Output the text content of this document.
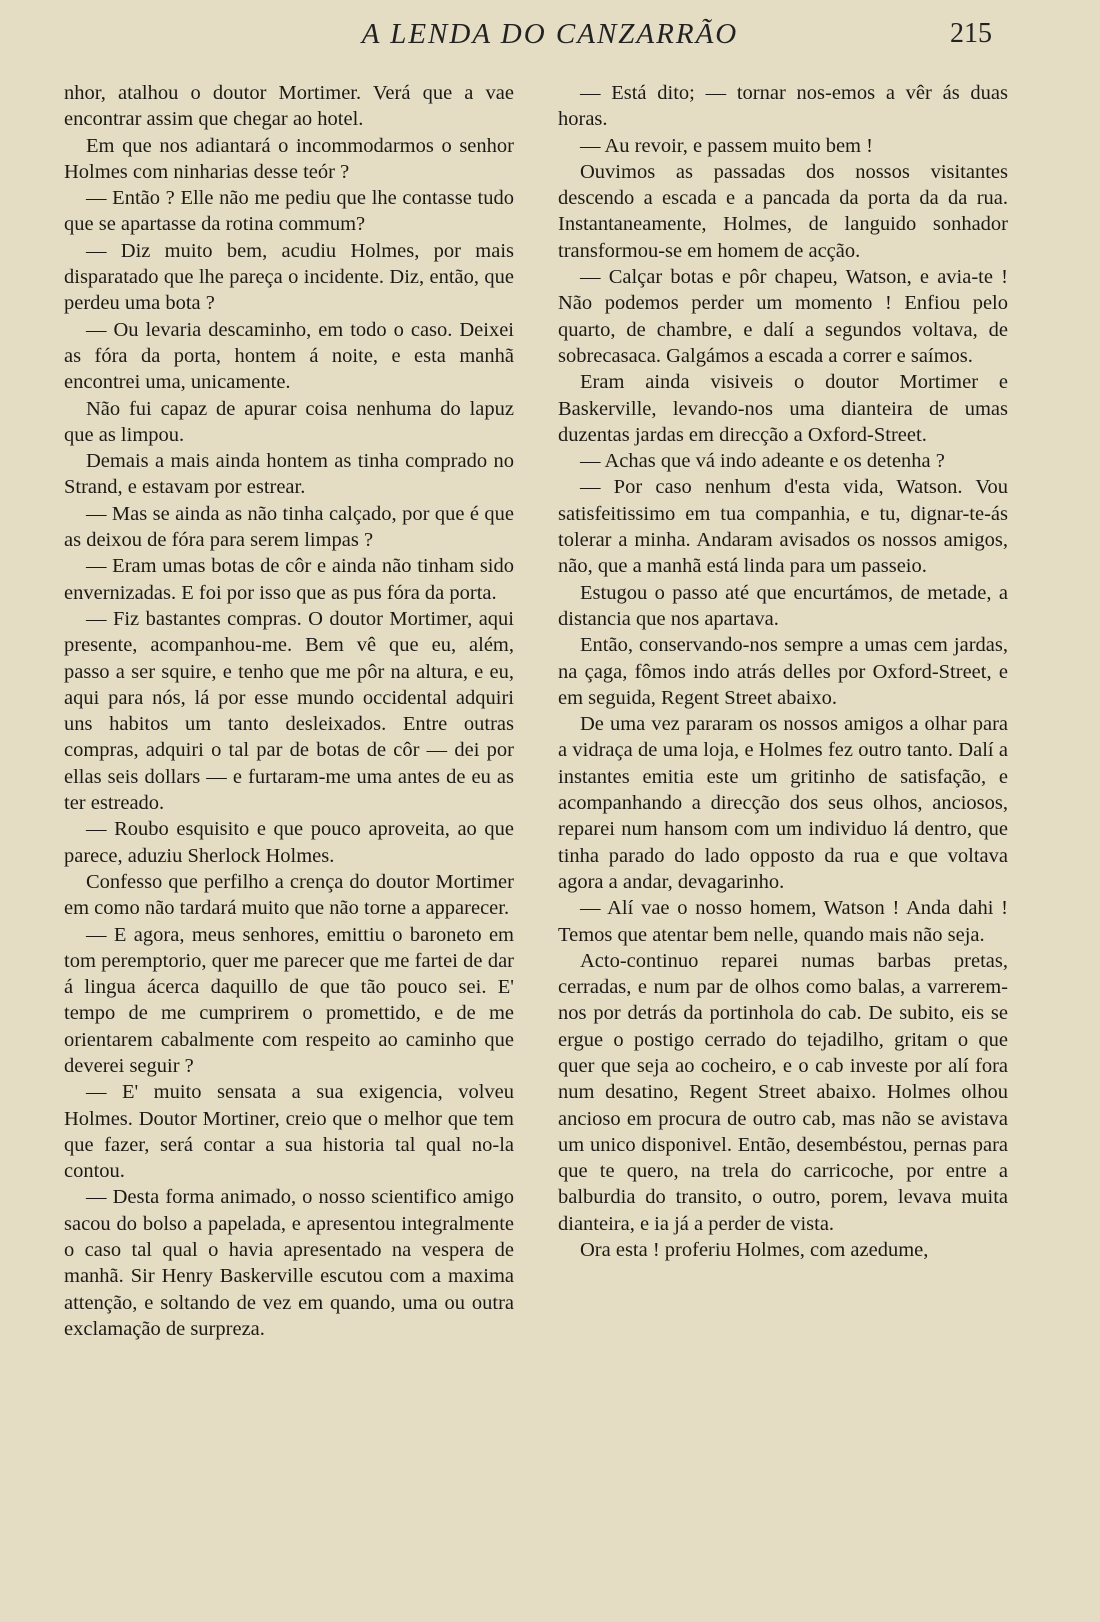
A LENDA DO CANZARRÃO	215

nhor, atalhou o doutor Mortimer. Verá que a vae encontrar assim que chegar ao hotel.

Em que nos adiantará o incommodarmos o senhor Holmes com ninharias desse teór ?

— Então ? Elle não me pediu que lhe contasse tudo que se apartasse da rotina commum?

— Diz muito bem, acudiu Holmes, por mais disparatado que lhe pareça o incidente. Diz, então, que perdeu uma bota ?

— Ou levaria descaminho, em todo o caso. Deixei as fóra da porta, hontem á noite, e esta manhã encontrei uma, unicamente.

Não fui capaz de apurar coisa nenhuma do lapuz que as limpou.

Demais a mais ainda hontem as tinha comprado no Strand, e estavam por estrear.

— Mas se ainda as não tinha calçado, por que é que as deixou de fóra para serem limpas ?

— Eram umas botas de côr e ainda não tinham sido envernizadas. E foi por isso que as pus fóra da porta.

— Fiz bastantes compras. O doutor Mortimer, aqui presente, acompanhou-me. Bem vê que eu, além, passo a ser squire, e tenho que me pôr na altura, e eu, aqui para nós, lá por esse mundo occidental adquiri uns habitos um tanto desleixados. Entre outras compras, adquiri o tal par de botas de côr — dei por ellas seis dollars — e furtaram-me uma antes de eu as ter estreado.

— Roubo esquisito e que pouco aproveita, ao que parece, aduziu Sherlock Holmes.

Confesso que perfilho a crença do doutor Mortimer em como não tardará muito que não torne a apparecer.

— E agora, meus senhores, emittiu o baroneto em tom peremptorio, quer me parecer que me fartei de dar á lingua ácerca daquillo de que tão pouco sei. E' tempo de me cumprirem o promettido, e de me orientarem cabalmente com respeito ao caminho que deverei seguir ?

— E' muito sensata a sua exigencia, volveu Holmes. Doutor Mortiner, creio que o melhor que tem que fazer, será contar a sua historia tal qual no-la contou.

— Desta forma animado, o nosso scientifico amigo sacou do bolso a papelada, e apresentou integralmente o caso tal qual o havia apresentado na vespera de manhã. Sir Henry Baskerville escutou com a maxima attenção, e soltando de vez em quando, uma ou outra exclamação de surpreza.

— Está dito; — tornar nos-emos a vêr ás duas horas.

— Au revoir, e passem muito bem !

Ouvimos as passadas dos nossos visitantes descendo a escada e a pancada da porta da da rua. Instantaneamente, Holmes, de languido sonhador transformou-se em homem de acção.

— Calçar botas e pôr chapeu, Watson, e avia-te ! Não podemos perder um momento ! Enfiou pelo quarto, de chambre, e dalí a segundos voltava, de sobrecasaca. Galgámos a escada a correr e saímos.

Eram ainda visiveis o doutor Mortimer e Baskerville, levando-nos uma dianteira de umas duzentas jardas em direcção a Oxford-Street.

— Achas que vá indo adeante e os detenha ?

— Por caso nenhum d'esta vida, Watson. Vou satisfeitissimo em tua companhia, e tu, dignar-te-ás tolerar a minha. Andaram avisados os nossos amigos, não, que a manhã está linda para um passeio.

Estugou o passo até que encurtámos, de metade, a distancia que nos apartava.

Então, conservando-nos sempre a umas cem jardas, na çaga, fômos indo atrás delles por Oxford-Street, e em seguida, Regent Street abaixo.

De uma vez pararam os nossos amigos a olhar para a vidraça de uma loja, e Holmes fez outro tanto. Dalí a instantes emitia este um gritinho de satisfação, e acompanhando a direcção dos seus olhos, anciosos, reparei num hansom com um individuo lá dentro, que tinha parado do lado opposto da rua e que voltava agora a andar, devagarinho.

— Alí vae o nosso homem, Watson ! Anda dahi ! Temos que atentar bem nelle, quando mais não seja.

Acto-continuo reparei numas barbas pretas, cerradas, e num par de olhos como balas, a varrerem-nos por detrás da portinhola do cab. De subito, eis se ergue o postigo cerrado do tejadilho, gritam o que quer que seja ao cocheiro, e o cab investe por alí fora num desatino, Regent Street abaixo. Holmes olhou ancioso em procura de outro cab, mas não se avistava um unico disponivel. Então, desembéstou, pernas para que te quero, na trela do carricoche, por entre a balburdia do transito, o outro, porem, levava muita dianteira, e ia já a perder de vista.

Ora esta ! proferiu Holmes, com azedume,
